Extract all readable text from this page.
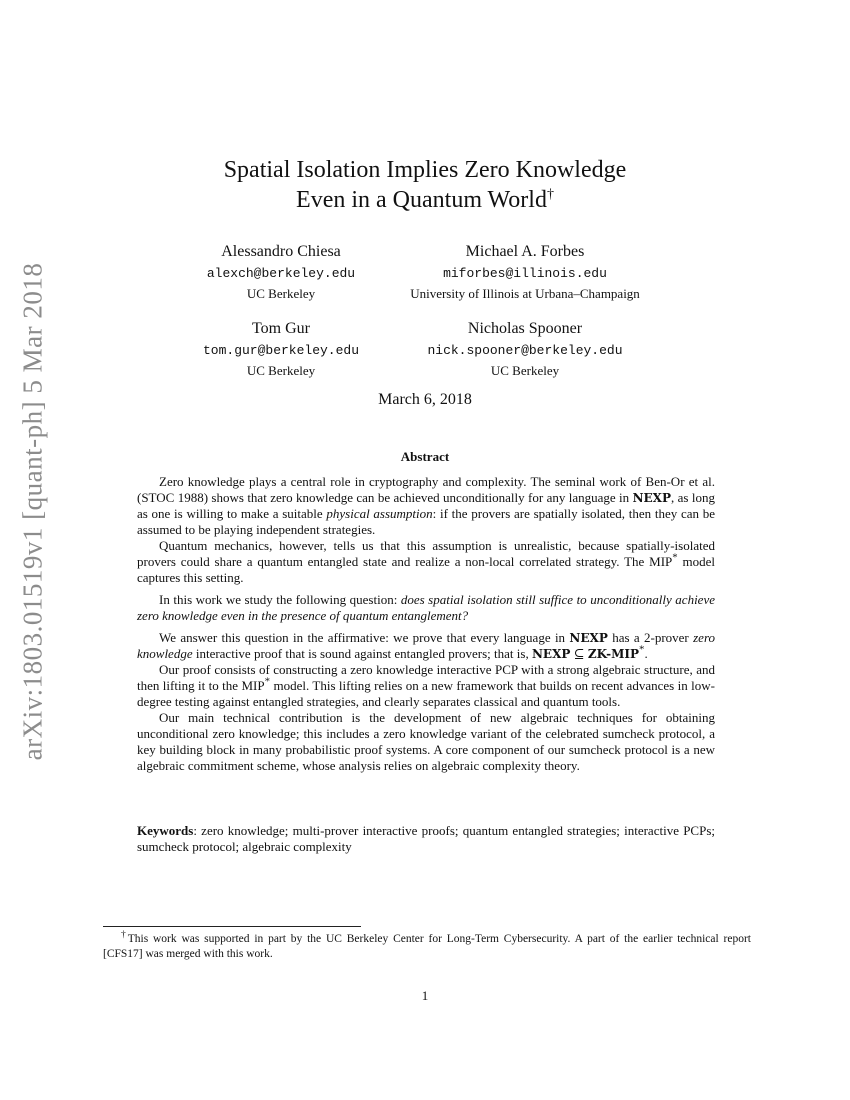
arXiv:1803.01519v1 [quant-ph] 5 Mar 2018
Spatial Isolation Implies Zero Knowledge
Even in a Quantum World†
Alessandro Chiesa
alexch@berkeley.edu
UC Berkeley
Michael A. Forbes
miforbes@illinois.edu
University of Illinois at Urbana–Champaign
Tom Gur
tom.gur@berkeley.edu
UC Berkeley
Nicholas Spooner
nick.spooner@berkeley.edu
UC Berkeley
March 6, 2018
Abstract

Zero knowledge plays a central role in cryptography and complexity. The seminal work of Ben-Or et al. (STOC 1988) shows that zero knowledge can be achieved unconditionally for any language in NEXP, as long as one is willing to make a suitable physical assumption: if the provers are spatially isolated, then they can be assumed to be playing independent strategies.

Quantum mechanics, however, tells us that this assumption is unrealistic, because spatially-isolated provers could share a quantum entangled state and realize a non-local correlated strategy. The MIP* model captures this setting.

In this work we study the following question: does spatial isolation still suffice to unconditionally achieve zero knowledge even in the presence of quantum entanglement?

We answer this question in the affirmative: we prove that every language in NEXP has a 2-prover zero knowledge interactive proof that is sound against entangled provers; that is, NEXP ⊆ ZK-MIP*.

Our proof consists of constructing a zero knowledge interactive PCP with a strong algebraic structure, and then lifting it to the MIP* model. This lifting relies on a new framework that builds on recent advances in low-degree testing against entangled strategies, and clearly separates classical and quantum tools.

Our main technical contribution is the development of new algebraic techniques for obtaining unconditional zero knowledge; this includes a zero knowledge variant of the celebrated sumcheck protocol, a key building block in many probabilistic proof systems. A core component of our sumcheck protocol is a new algebraic commitment scheme, whose analysis relies on algebraic complexity theory.

Keywords: zero knowledge; multi-prover interactive proofs; quantum entangled strategies; interactive PCPs; sumcheck protocol; algebraic complexity
†This work was supported in part by the UC Berkeley Center for Long-Term Cybersecurity. A part of the earlier technical report [CFS17] was merged with this work.
1
